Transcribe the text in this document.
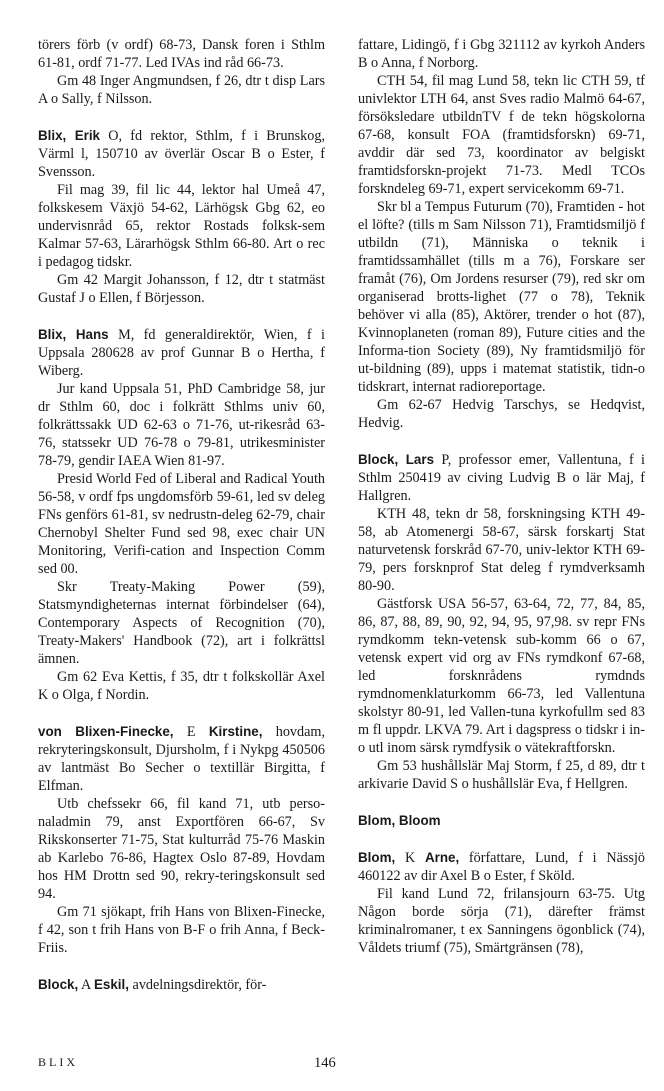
törers förb (v ordf) 68-73, Dansk foren i Sthlm 61-81, ordf 71-77. Led IVAs ind råd 66-73.

Gm 48 Inger Angmundsen, f 26, dtr t disp Lars A o Sally, f Nilsson.

Blix, Erik O, fd rektor, Sthlm, f i Brunskog, Värml l, 150710 av överlär Oscar B o Ester, f Svensson.

Fil mag 39, fil lic 44, lektor hal Umeå 47, folkskesem Växjö 54-62, Lärhögsk Gbg 62, eo undervisnråd 65, rektor Rostads folksk-sem Kalmar 57-63, Lärarhögsk Sthlm 66-80. Art o rec i pedagog tidskr.

Gm 42 Margit Johansson, f 12, dtr t statmäst Gustaf J o Ellen, f Börjesson.

Blix, Hans M, fd generaldirektör, Wien, f i Uppsala 280628 av prof Gunnar B o Hertha, f Wiberg.

Jur kand Uppsala 51, PhD Cambridge 58, jur dr Sthlm 60, doc i folkrätt Sthlms univ 60, folkrättssakk UD 62-63 o 71-76, ut-rikesråd 63-76, statssekr UD 76-78 o 79-81, utrikesminister 78-79, gendir IAEA Wien 81-97.

Presid World Fed of Liberal and Radical Youth 56-58, v ordf fps ungdomsförb 59-61, led sv deleg FNs genförs 61-81, sv nedrustn-deleg 62-79, chair Chernobyl Shelter Fund sed 98, exec chair UN Monitoring, Verifi-cation and Inspection Comm sed 00.

Skr Treaty-Making Power (59), Statsmyndigheternas internat förbindelser (64), Contemporary Aspects of Recognition (70), Treaty-Makers' Handbook (72), art i folkrättsl ämnen.

Gm 62 Eva Kettis, f 35, dtr t folkskollär Axel K o Olga, f Nordin.

von Blixen-Finecke, E Kirstine, hovdam, rekryteringskonsult, Djursholm, f i Nykpg 450506 av lantmäst Bo Secher o textillär Birgitta, f Elfman.

Utb chefssekr 66, fil kand 71, utb perso-naladmin 79, anst Exportfören 66-67, Sv Rikskonserter 71-75, Stat kulturråd 75-76 Maskin ab Karlebo 76-86, Hagtex Oslo 87-89, Hovdam hos HM Drottn sed 90, rekry-teringskonsult sed 94.

Gm 71 sjökapt, frih Hans von Blixen-Finecke, f 42, son t frih Hans von B-F o frih Anna, f Beck-Friis.

Block, A Eskil, avdelningsdirektör, för-

fattare, Lidingö, f i Gbg 321112 av kyrkoh Anders B o Anna, f Norborg.

CTH 54, fil mag Lund 58, tekn lic CTH 59, tf univlektor LTH 64, anst Sves radio Malmö 64-67, försöksledare utbildnTV f de tekn högskolorna 67-68, konsult FOA (framtidsforskn) 69-71, avddir där sed 73, koordinator av belgiskt framtidsforskn-projekt 71-73. Medl TCOs forskndeleg 69-71, expert servicekomm 69-71.

Skr bl a Tempus Futurum (70), Framtiden - hot el löfte? (tills m Sam Nilsson 71), Framtidsmiljö f utbildn (71), Människa o teknik i framtidssamhället (tills m a 76), Forskare ser framåt (76), Om Jordens resurser (79), red skr om organiserad brotts-lighet (77 o 78), Teknik behöver vi alla (85), Aktörer, trender o hot (87), Kvinnoplaneten (roman 89), Future cities and the Informa-tion Society (89), Ny framtidsmiljö för ut-bildning (89), upps i matemat statistik, tidn-o tidskrart, internat radioreportage.

Gm 62-67 Hedvig Tarschys, se Hedqvist, Hedvig.

Block, Lars P, professor emer, Vallentuna, f i Sthlm 250419 av civing Ludvig B o lär Maj, f Hallgren.

KTH 48, tekn dr 58, forskningsing KTH 49-58, ab Atomenergi 58-67, särsk forskartj Stat naturvetensk forskråd 67-70, univ-lektor KTH 69-79, pers forsknprof Stat deleg f rymdverksamh 80-90.

Gästforsk USA 56-57, 63-64, 72, 77, 84, 85, 86, 87, 88, 89, 90, 92, 94, 95, 97,98. sv repr FNs rymdkomm tekn-vetensk sub-komm 66 o 67, vetensk expert vid org av FNs rymdkonf 67-68, led forsknrådens rymdnds rymdnomenklaturkomm 66-73, led Vallentuna skolstyr 80-91, led Vallen-tuna kyrkofullm sed 83 m fl uppdr. LKVA 79. Art i dagspress o tidskr i in- o utl inom särsk rymdfysik o vätekraftforskn.

Gm 53 hushållslär Maj Storm, f 25, d 89, dtr t arkivarie David S o hushållslär Eva, f Hellgren.

Blom, Bloom

Blom, K Arne, författare, Lund, f i Nässjö 460122 av dir Axel B o Ester, f Sköld.

Fil kand Lund 72, frilansjourn 63-75. Utg Någon borde sörja (71), därefter främst kriminalromaner, t ex Sanningens ögonblick (74), Våldets triumf (75), Smärtgränsen (78),

BLIX	146
